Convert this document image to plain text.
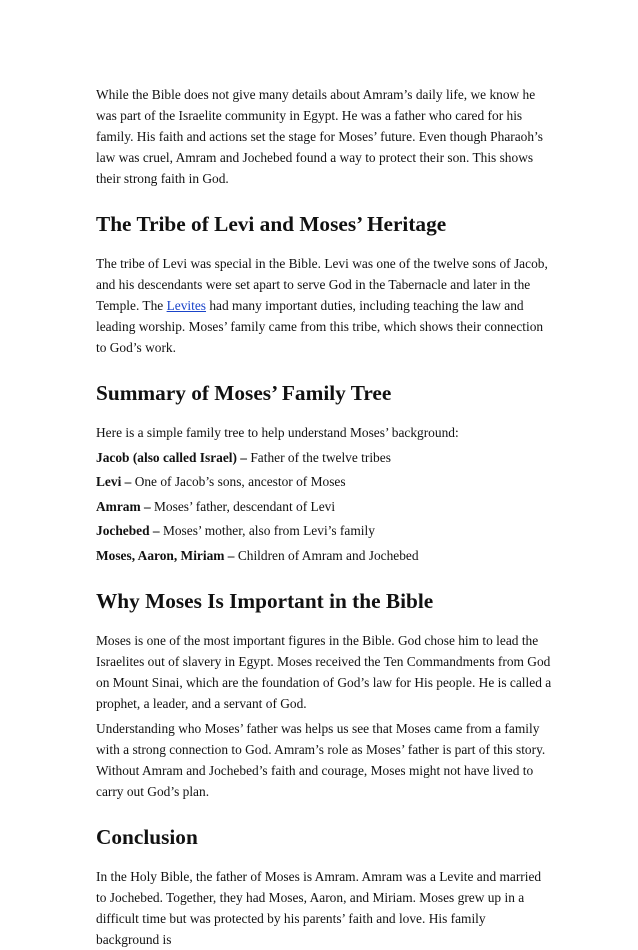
While the Bible does not give many details about Amram’s daily life, we know he was part of the Israelite community in Egypt. He was a father who cared for his family. His faith and actions set the stage for Moses’ future. Even though Pharaoh’s law was cruel, Amram and Jochebed found a way to protect their son. This shows their strong faith in God.

The Tribe of Levi and Moses’ Heritage

The tribe of Levi was special in the Bible. Levi was one of the twelve sons of Jacob, and his descendants were set apart to serve God in the Tabernacle and later in the Temple. The Levites had many important duties, including teaching the law and leading worship. Moses’ family came from this tribe, which shows their connection to God’s work.

Summary of Moses’ Family Tree

Here is a simple family tree to help understand Moses’ background:

Jacob (also called Israel) – Father of the twelve tribes

Levi – One of Jacob’s sons, ancestor of Moses

Amram – Moses’ father, descendant of Levi

Jochebed – Moses’ mother, also from Levi’s family

Moses, Aaron, Miriam – Children of Amram and Jochebed

Why Moses Is Important in the Bible

Moses is one of the most important figures in the Bible. God chose him to lead the Israelites out of slavery in Egypt. Moses received the Ten Commandments from God on Mount Sinai, which are the foundation of God’s law for His people. He is called a prophet, a leader, and a servant of God.

Understanding who Moses’ father was helps us see that Moses came from a family with a strong connection to God. Amram’s role as Moses’ father is part of this story. Without Amram and Jochebed’s faith and courage, Moses might not have lived to carry out God’s plan.

Conclusion

In the Holy Bible, the father of Moses is Amram. Amram was a Levite and married to Jochebed. Together, they had Moses, Aaron, and Miriam. Moses grew up in a difficult time but was protected by his parents’ faith and love. His family background is
